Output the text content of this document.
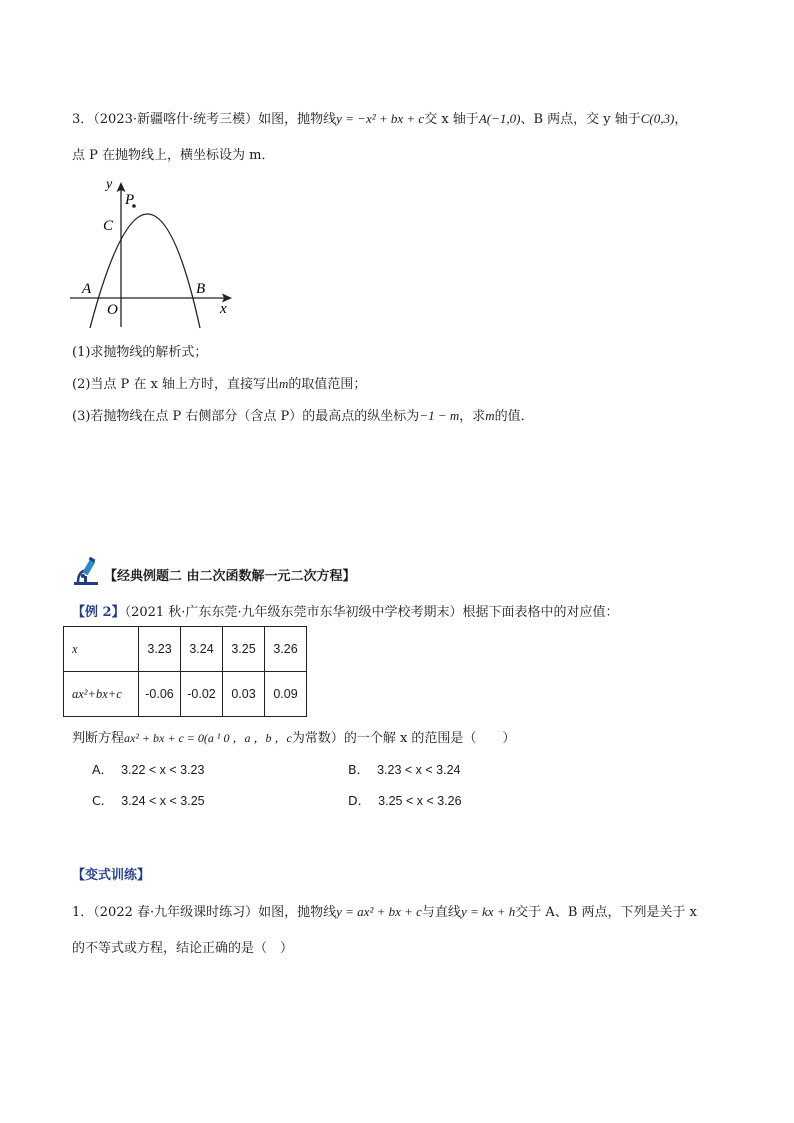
3．（2023·新疆喀什·统考三模）如图，抛物线y = −x² + bx + c交 x 轴于A(−1,0)、B 两点，交 y 轴于C(0,3)，
点 P 在抛物线上，横坐标设为 m．
y
x
P
C
A	B
O
(1)求抛物线的解析式；
(2)当点 P 在 x 轴上方时，直接写出m的取值范围；
(3)若抛物线在点 P 右侧部分（含点 P）的最高点的纵坐标为−1 − m，求m的值．
【经典例题二 由二次函数解一元二次方程】
【例 2】（2021 秋·广东东莞·九年级东莞市东华初级中学校考期末）根据下面表格中的对应值：
x	3.23	3.24	3.25	3.26
ax²+bx+c	-0.06	-0.02	0.03	0.09
判断方程ax² + bx + c = 0(a ¹ 0 ，a ，b ，c为常数）的一个解 x 的范围是（　　）
A． 3.22 < x < 3.23	B． 3.23 < x < 3.24
C． 3.24 < x < 3.25	D． 3.25 < x < 3.26
【变式训练】
1．（2022 春·九年级课时练习）如图，抛物线y = ax² + bx + c与直线y = kx + h交于 A、B 两点，下列是关于 x
的不等式或方程，结论正确的是（　）
